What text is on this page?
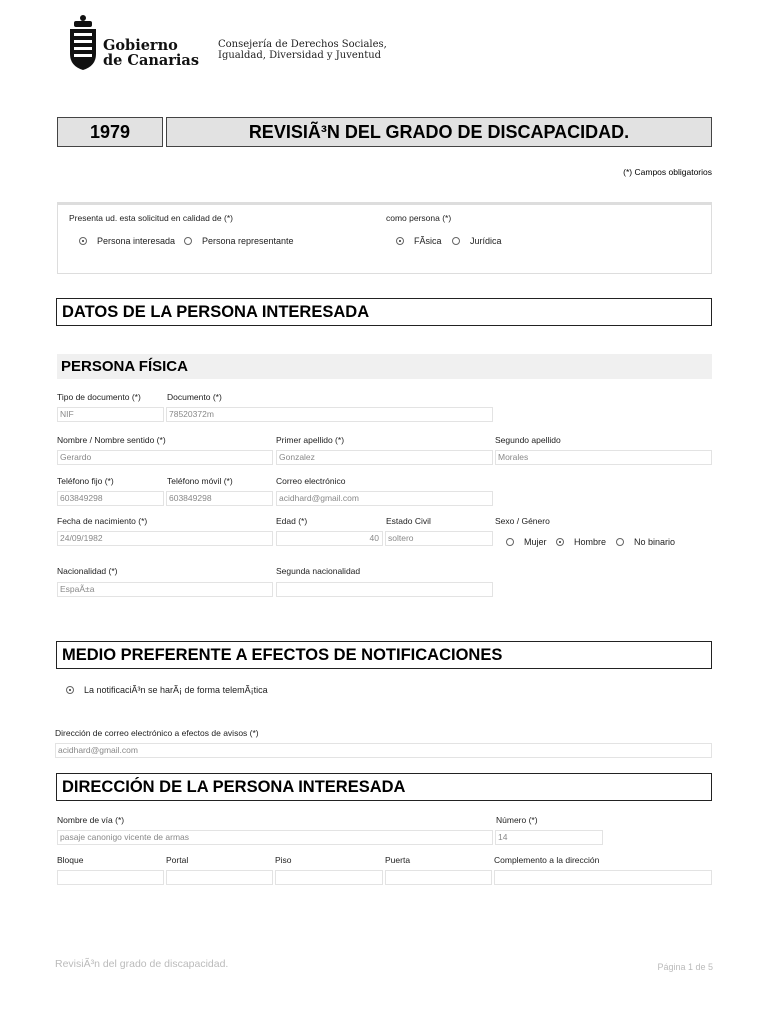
Gobierno
de Canarias
Consejería de Derechos Sociales,
Igualdad, Diversidad y Juventud
1979	REVISIÃ³N DEL GRADO DE DISCAPACIDAD.
(*) Campos obligatorios
Presenta ud. esta solicitud en calidad de (*)
Persona interesada	Persona representante
como persona (*)
FÃsica	Jurídica
DATOS DE LA PERSONA INTERESADA
PERSONA FÍSICA
Tipo de documento (*)	Documento (*)
NIF	78520372m
Nombre / Nombre sentido (*)	Primer apellido (*)	Segundo apellido
Gerardo	Gonzalez	Morales
Teléfono fijo (*)	Teléfono móvil (*)	Correo electrónico
603849298	603849298	acidhard@gmail.com
Fecha de nacimiento (*)	Edad (*)	Estado Civil	Sexo / Género
24/09/1982	40	soltero	Mujer	Hombre	No binario
Nacionalidad (*)	Segunda nacionalidad
EspaÃ±a
MEDIO PREFERENTE A EFECTOS DE NOTIFICACIONES
La notificaciÃ³n se harÃ¡ de forma telemÃ¡tica
Dirección de correo electrónico a efectos de avisos (*)
acidhard@gmail.com
DIRECCIÓN DE LA PERSONA INTERESADA
Nombre de vía (*)	Número (*)
pasaje canonigo vicente de armas	14
Bloque	Portal	Piso	Puerta	Complemento a la dirección
RevisiÃ³n del grado de discapacidad.	Página 1 de 5
